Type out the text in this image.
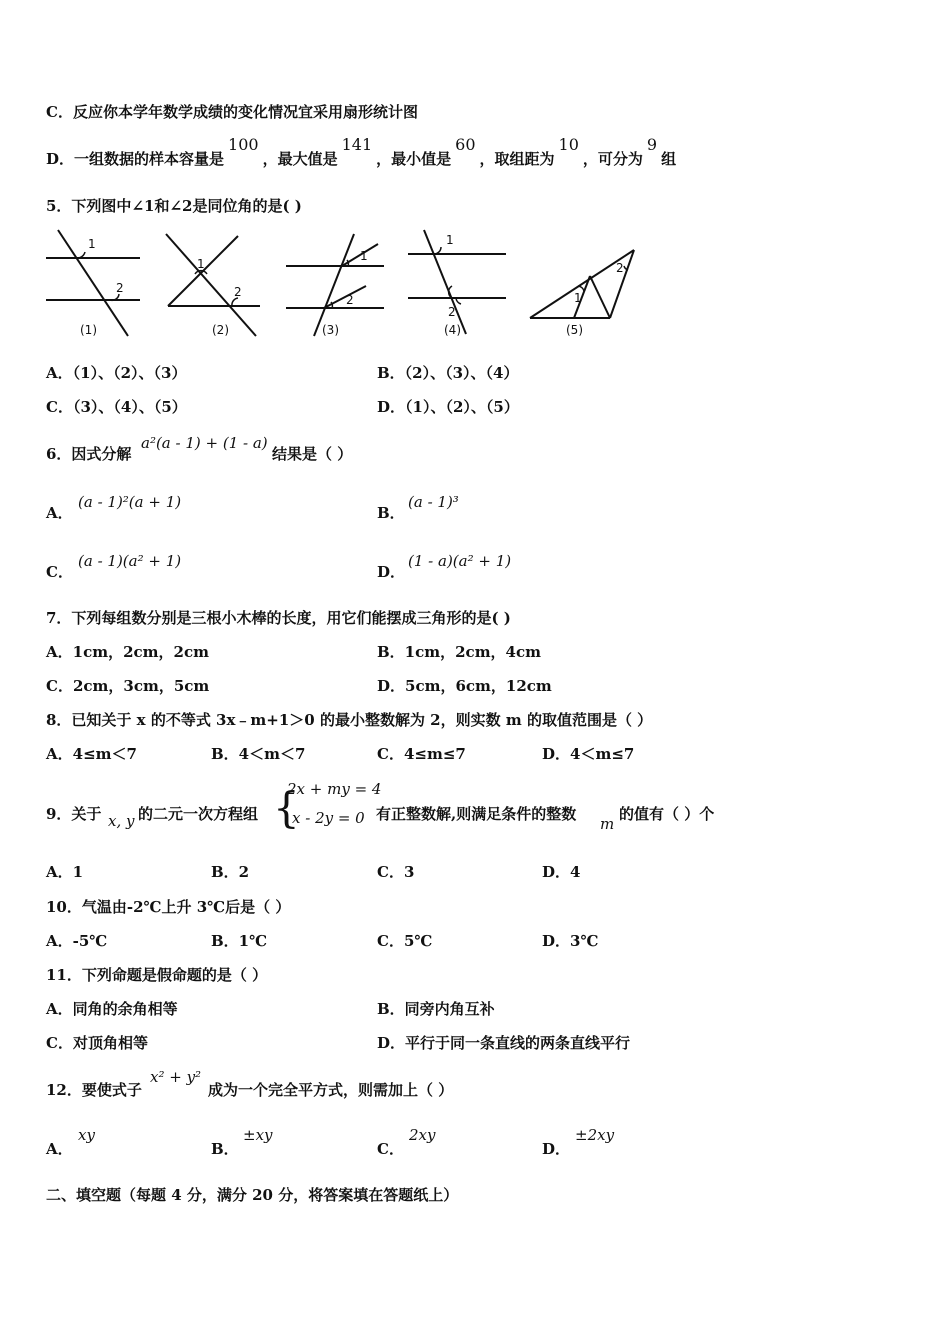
C．反应你本学年数学成绩的变化情况宜采用扇形统计图
D．一组数据的样本容量是100，最大值是141，最小值是60，取组距为10，可分为9组
5．下列图中∠1和∠2是同位角的是( )
1
2
(1)
1
2
(2)
1
2
(3)
1
2
(4)
1
2
(5)
A．（1）、（2）、（3）	B．（2）、（3）、（4）
C．（3）、（4）、（5）	D．（1）、（2）、（5）
6．因式分解
a²(a - 1) + (1 - a)
结果是（ ）
A．
(a - 1)²(a + 1)
B．
(a - 1)³
C．
(a - 1)(a² + 1)
D．
(1 - a)(a² + 1)
7．下列每组数分别是三根小木棒的长度，用它们能摆成三角形的是( )
A．1cm，2cm，2cm	B．1cm，2cm，4cm
C．2cm，3cm，5cm	D．5cm，6cm，12cm
8．已知关于 x 的不等式 3x﹣m+1＞0 的最小整数解为 2，则实数 m 的取值范围是（ ）
A．4≤m＜7	B．4＜m＜7	C．4≤m≤7	D．4＜m≤7
9．关于 x, y 的二元一次方程组 {
2x + my = 4
x - 2y = 0 有正整数解,则满足条件的整数
m
的值有（ ）个
A．1	B．2	C．3	D．4
10．气温由-2℃上升 3℃后是（ ）
A．-5℃	B．1℃	C．5℃	D．3℃
11．下列命题是假命题的是（ ）
A．同角的余角相等	B．同旁内角互补
C．对顶角相等	D．平行于同一条直线的两条直线平行
12．要使式子
x² + y²
成为一个完全平方式，则需加上（ ）
A．
xy
B．
±xy
C．
2xy
D．
±2xy
二、填空题（每题 4 分，满分 20 分，将答案填在答题纸上）
